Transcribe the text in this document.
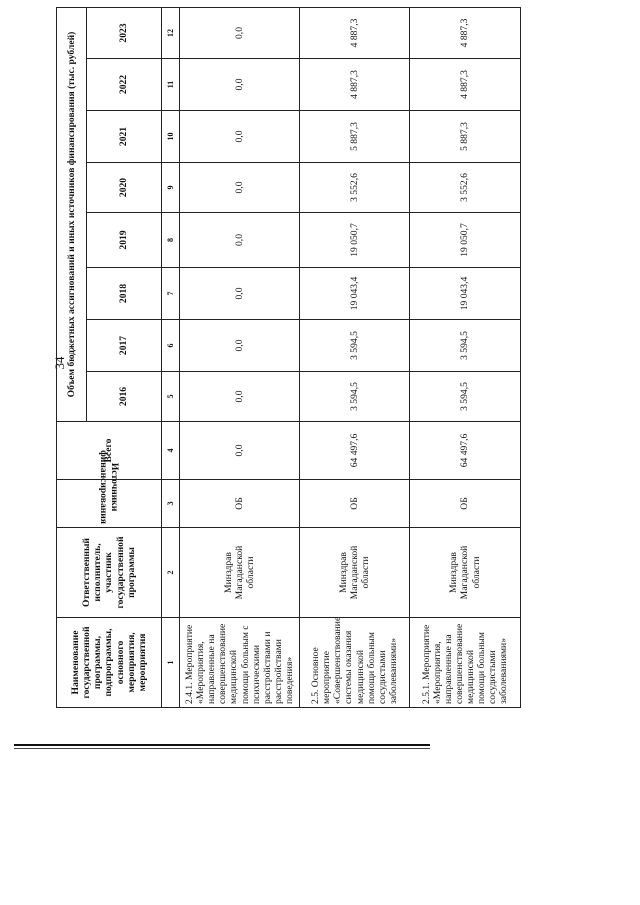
34
Наименование государственной программы, подпрограммы, основного мероприятия, мероприятия	Ответственный исполнитель, участник государственной программы	Источники финансирования	Всего	Объем бюджетных ассигнований и иных источников финансирования (тыс. рублей)							
				2016	2017	2018	2019	2020	2021	2022	2023
1	2	3	4	5	6	7	8	9	10	11	12
2.4.1. Мероприятие «Мероприятия, направленные на совершенствование медицинской помощи больным с психическими расстройствами и расстройствами поведения»	Минздрав Магаданской области	ОБ	0,0	0,0	0,0	0,0	0,0	0,0	0,0	0,0	0,0
2.5. Основное мероприятие «Совершенствование системы оказания медицинской помощи больным сосудистыми заболеваниями»	Минздрав Магаданской области	ОБ	64 497,6	3 594,5	3 594,5	19 043,4	19 050,7	3 552,6	5 887,3	4 887,3	4 887,3
2.5.1. Мероприятие «Мероприятия, направленные на совершенствование медицинской помощи больным сосудистыми заболеваниями»	Минздрав Магаданской области	ОБ	64 497,6	3 594,5	3 594,5	19 043,4	19 050,7	3 552,6	5 887,3	4 887,3	4 887,3
